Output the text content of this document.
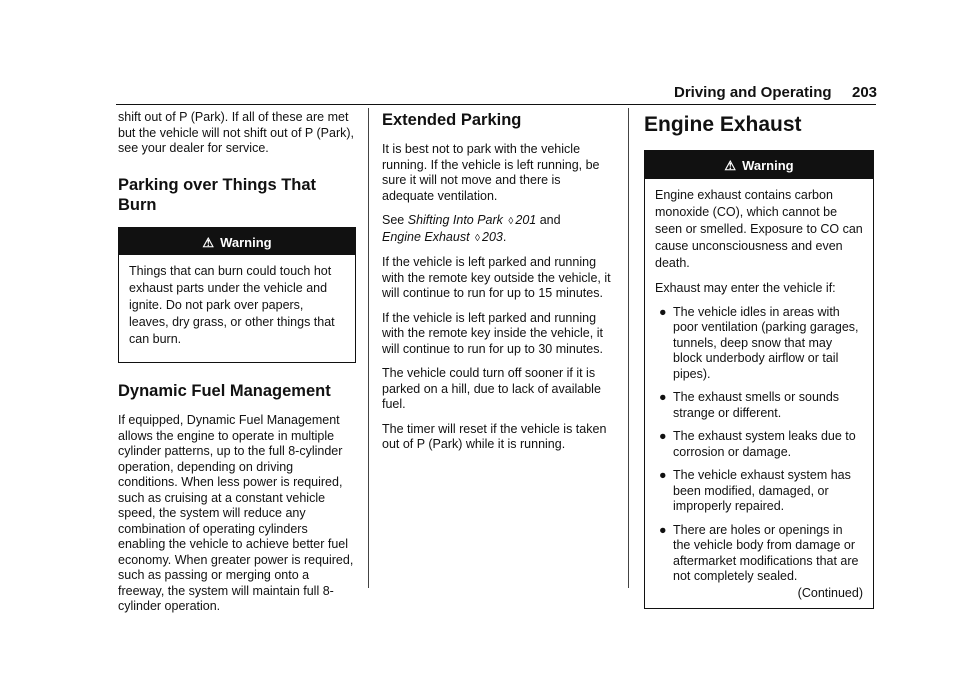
Driving and Operating 203

shift out of P (Park). If all of these are met but the vehicle will not shift out of P (Park), see your dealer for service.

Parking over Things That Burn
⚠ Warning

Things that can burn could touch hot exhaust parts under the vehicle and ignite. Do not park over papers, leaves, dry grass, or other things that can burn.

Dynamic Fuel Management

If equipped, Dynamic Fuel Management allows the engine to operate in multiple cylinder patterns, up to the full 8-cylinder operation, depending on driving conditions. When less power is required, such as cruising at a constant vehicle speed, the system will reduce any combination of operating cylinders enabling the vehicle to achieve better fuel economy. When greater power is required, such as passing or merging onto a freeway, the system will maintain full 8-cylinder operation.

Extended Parking

It is best not to park with the vehicle running. If the vehicle is left running, be sure it will not move and there is adequate ventilation.

See Shifting Into Park ◊ 201 and
Engine Exhaust ◊ 203.

If the vehicle is left parked and running with the remote key outside the vehicle, it will continue to run for up to 15 minutes.

If the vehicle is left parked and running with the remote key inside the vehicle, it will continue to run for up to 30 minutes.

The vehicle could turn off sooner if it is parked on a hill, due to lack of available fuel.

The timer will reset if the vehicle is taken out of P (Park) while it is running.

Engine Exhaust
⚠ Warning

Engine exhaust contains carbon monoxide (CO), which cannot be seen or smelled. Exposure to CO can cause unconsciousness and even death.

Exhaust may enter the vehicle if:

● The vehicle idles in areas with poor ventilation (parking garages, tunnels, deep snow that may block underbody airflow or tail pipes).
● The exhaust smells or sounds strange or different.
● The exhaust system leaks due to corrosion or damage.
● The vehicle exhaust system has been modified, damaged, or improperly repaired.
● There are holes or openings in the vehicle body from damage or aftermarket modifications that are not completely sealed.
(Continued)
